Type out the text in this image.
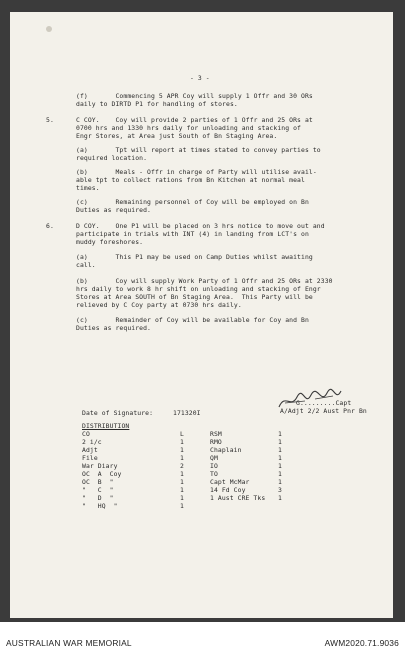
- 3 -
(f)       Commencing 5 APR Coy will supply 1 Offr and 30 ORs
daily to DIRTD P1 for handling of stores.
5.	C COY.    Coy will provide 2 parties of 1 Offr and 25 ORs at
0700 hrs and 1330 hrs daily for unloading and stacking of
Engr Stores, at Area just South of Bn Staging Area.
(a)       Tpt will report at times stated to convey parties to
required location.
(b)       Meals - Offr in charge of Party will utilise avail-
able tpt to collect rations from Bn Kitchen at normal meal
times.
(c)       Remaining personnel of Coy will be employed on Bn
Duties as required.
6.	D COY.    One P1 will be placed on 3 hrs notice to move out and
participate in trials with INT (4) in landing from LCT's on
muddy foreshores.
(a)       This P1 may be used on Camp Duties whilst awaiting
call.
(b)       Coy will supply Work Party of 1 Offr and 25 ORs at 2330
hrs daily to work 8 hr shift on unloading and stacking of Engr
Stores at Area SOUTH of Bn Staging Area.  This Party will be
relieved by C Coy party at 0730 hrs daily.
(c)       Remainder of Coy will be available for Coy and Bn
Duties as required.
G.........Capt
A/Adjt 2/2 Aust Pnr Bn
Date of Signature:	171320I
DISTRIBUTION
CO	L
2 i/c	1
Adjt	1
File	1
War Diary	2
OC  A  Coy	1
OC  B  "	1
"   C  "	1
"   D  "	1
"   HQ  "	1
RSM	1
RMO	1
Chaplain	1
QM	1
IO	1
TO	1
Capt McMar	1
14 Fd Coy	3
1 Aust CRE Tks 1
AUSTRALIAN WAR MEMORIAL	AWM2020.71.9036
